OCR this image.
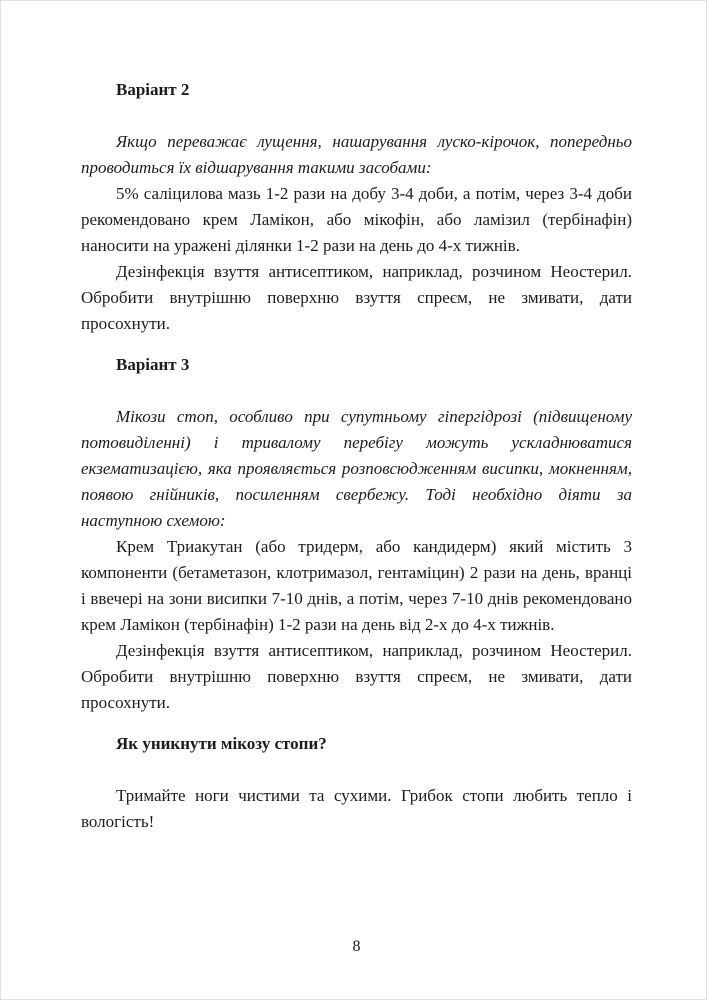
Варіант 2

Якщо переважає лущення, нашарування луско-кірочок, попередньо проводиться їх відшарування такими засобами:

5% саліцилова мазь 1-2 рази на добу 3-4 доби, а потім, через 3-4 доби рекомендовано крем Ламікон, або мікофін, або ламізил (тербінафін) наносити на уражені ділянки 1-2 рази на день до 4-х тижнів.

Дезінфекція взуття антисептиком, наприклад, розчином Неостерил. Обробити внутрішню поверхню взуття спреєм, не змивати, дати просохнути.

Варіант 3

Мікози стоп, особливо при супутньому гіпергідрозі (підвищеному потовиділенні) і тривалому перебігу можуть ускладнюватися екзематизацією, яка проявляється розповсюдженням висипки, мокненням, появою гнійників, посиленням свербежу. Тоді необхідно діяти за наступною схемою:

Крем Триакутан (або тридерм, або кандидерм) який містить 3 компоненти (бетаметазон, клотримазол, гентаміцин) 2 рази на день, вранці і ввечері на зони висипки 7-10 днів, а потім, через 7-10 днів рекомендовано крем Ламікон (тербінафін) 1-2 рази на день від 2-х до 4-х тижнів.

Дезінфекція взуття антисептиком, наприклад, розчином Неостерил. Обробити внутрішню поверхню взуття спреєм, не змивати, дати просохнути.

Як уникнути мікозу стопи?

Тримайте ноги чистими та сухими. Грибок стопи любить тепло і вологість!

8
